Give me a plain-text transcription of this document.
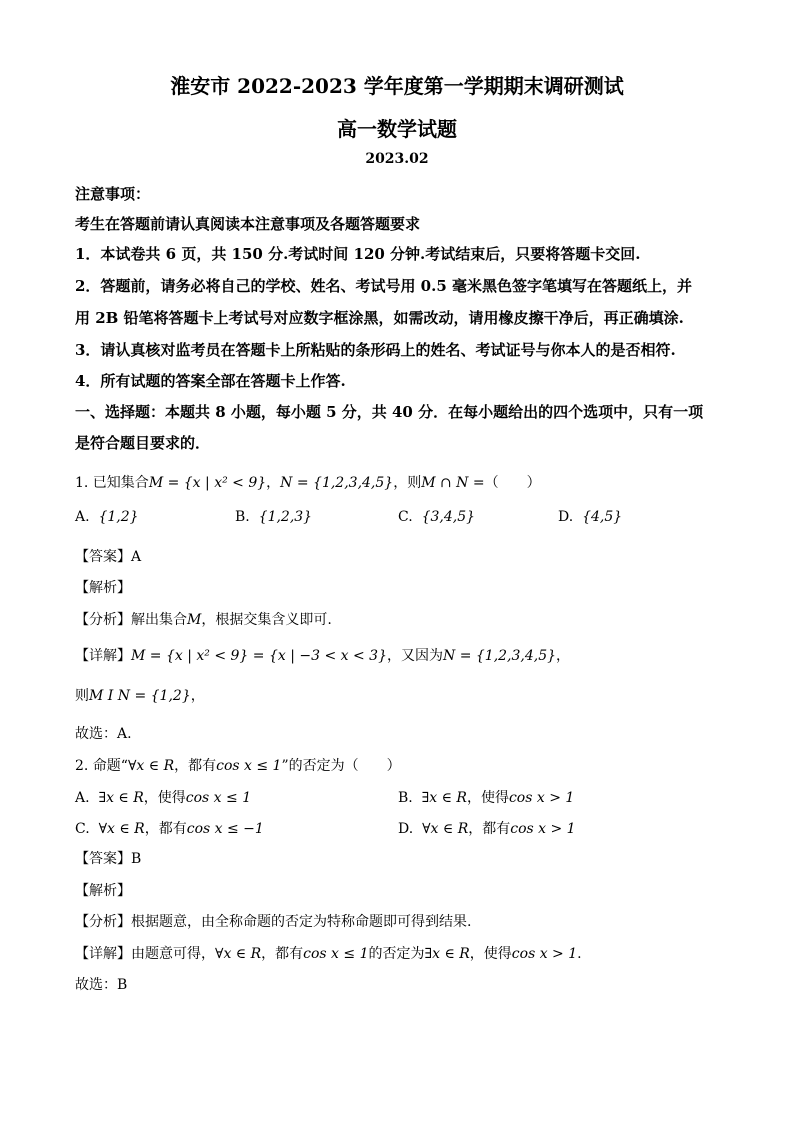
淮安市 2022-2023 学年度第一学期期末调研测试
高一数学试题
2023.02
注意事项：
考生在答题前请认真阅读本注意事项及各题答题要求
1．本试卷共 6 页，共 150 分.考试时间 120 分钟.考试结束后，只要将答题卡交回.
2．答题前，请务必将自己的学校、姓名、考试号用 0.5 毫米黑色签字笔填写在答题纸上，并
用 2B 铅笔将答题卡上考试号对应数字框涂黑，如需改动，请用橡皮擦干净后，再正确填涂.
3．请认真核对监考员在答题卡上所粘贴的条形码上的姓名、考试证号与你本人的是否相符.
4．所有试题的答案全部在答题卡上作答.
一、选择题：本题共 8 小题，每小题 5 分，共 40 分．在每小题给出的四个选项中，只有一项
是符合题目要求的．
1. 已知集合M = {x | x² < 9}，N = {1,2,3,4,5}，则M ∩ N =（　　）
A. {1,2}	B. {1,2,3}	C. {3,4,5}	D. {4,5}
【答案】A
【解析】
【分析】解出集合M，根据交集含义即可.
【详解】M = {x | x² < 9} = {x | −3 < x < 3}，又因为N = {1,2,3,4,5}，
则M I N = {1,2}，
故选：A.
2. 命题“∀x ∈ R，都有cos x ≤ 1”的否定为（　　）
A. ∃x ∈ R，使得cos x ≤ 1	B. ∃x ∈ R，使得cos x > 1
C. ∀x ∈ R，都有cos x ≤ −1	D. ∀x ∈ R，都有cos x > 1
【答案】B
【解析】
【分析】根据题意，由全称命题的否定为特称命题即可得到结果.
【详解】由题意可得，∀x ∈ R，都有cos x ≤ 1的否定为∃x ∈ R，使得cos x > 1.
故选：B
